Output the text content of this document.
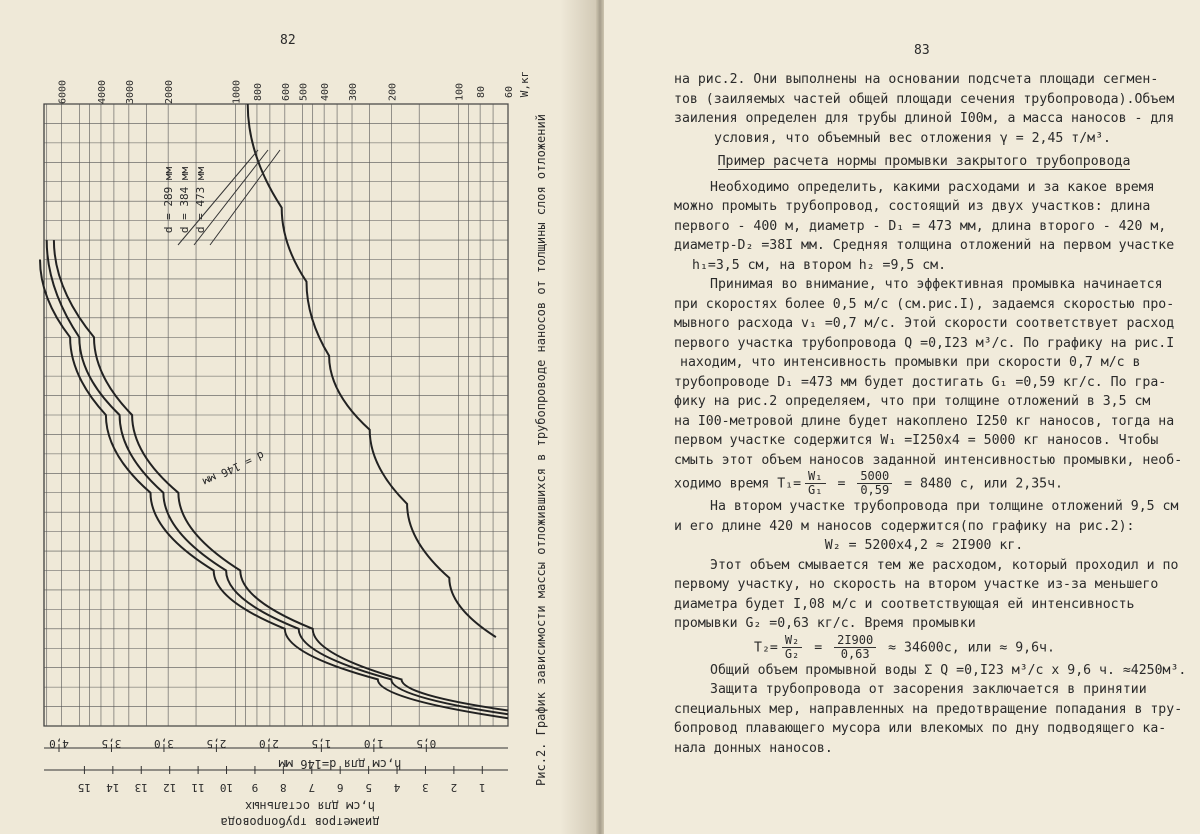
82
60
80
100
200
300
400
500
600
800
1000
2000
3000
4000
6000
4,0	3,5	3,0	2,5	2,0	1,5	1,0	0,5
15 14 13 12 11 10 9 8 7 6 5 4 3 2 1
W,кг
h,см для d=146 мм
h,см для остальных
диаметров трубопровода
Рис.2. График зависимости массы отложившихся в трубопроводе наносов от толщины слоя отложений
d = 289 мм d = 384 мм d = 473 мм
d = 146 мм
83
на рис.2. Они выполнены на основании подсчета площади сегмен-
тов (заиляемых частей общей площади сечения трубопровода).Объем
заиления определен для трубы длиной I00м, а масса наносов - для
условия, что объемный вес отложения γ = 2,45 т/м³.
Пример расчета нормы промывки закрытого трубопровода
Необходимо определить, какими расходами и за какое время
можно промыть трубопровод, состоящий из двух участков: длина
первого - 400 м, диаметр - D₁ = 473 мм, длина второго - 420 м,
диаметр-D₂ =38I мм. Средняя толщина отложений на первом участке
h₁=3,5 см, на втором h₂ =9,5 см.
Принимая во внимание, что эффективная промывка начинается
при скоростях более 0,5 м/с (см.рис.I), задаемся скоростью про-
мывного расхода v₁ =0,7 м/с. Этой скорости соответствует расход
первого участка трубопровода Q =0,I23 м³/с. По графику на рис.I
находим, что интенсивность промывки при скорости 0,7 м/с в
трубопроводе D₁ =473 мм будет достигать G₁ =0,59 кг/с. По гра-
фику на рис.2 определяем, что при толщине отложений в 3,5 см
на I00-метровой длине будет накоплено I250 кг наносов, тогда на
первом участке содержится W₁ =I250x4 = 5000 кг наносов. Чтобы
смыть этот объем наносов заданной интенсивностью промывки, необ-
ходимо время $T_1= \frac{\text{W₁}}{\text{G₁}} = \frac{5000}{0,59} = 8480$ с, или 2,35ч.
На втором участке трубопровода при толщине отложений 9,5 см
и его длине 420 м наносов содержится(по графику на рис.2):
W₂ = 5200x4,2 ≈ 2I900 кг.
Этот объем смывается тем же расходом, который проходил и по
первому участку, но скорость на втором участке из-за меньшего
диаметра будет I,08 м/с и соответствующая ей интенсивность
промывки G₂ =0,63 кг/с. Время промывки
$T_2= \frac{\text{W₂}}{\text{G₂}} = \frac{2I900}{0,63} \approx 34600с$, или ≈ 9,6ч.
Общий объем промывной воды Σ Q =0,I23 м³/с x 9,6 ч. ≈4250м³.
Защита трубопровода от засорения заключается в принятии
специальных мер, направленных на предотвращение попадания в тру-
бопровод плавающего мусора или влекомых по дну подводящего ка-
нала донных наносов.
